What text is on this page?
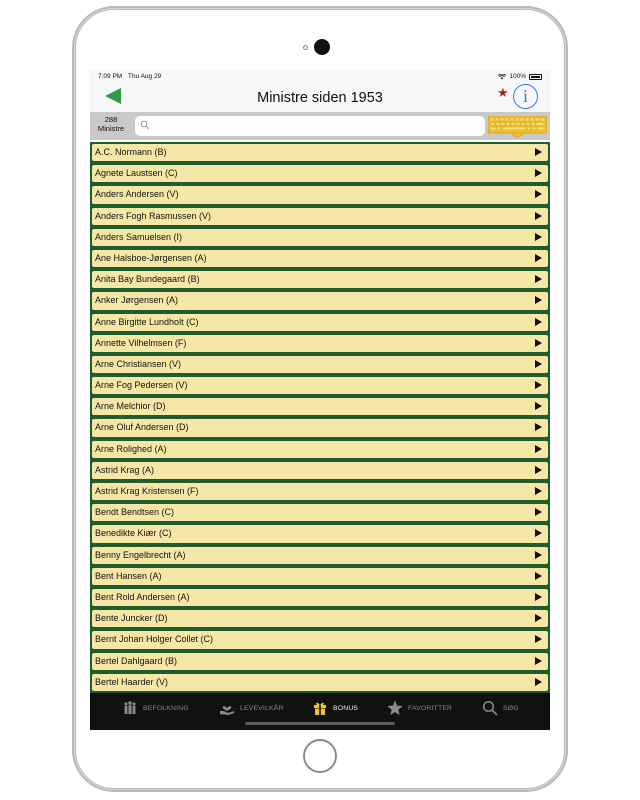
7:09 PM Thu Aug 29	100%
Ministre siden 1953	★ i
288
Ministre
A.C. Normann (B)
Agnete Laustsen (C)
Anders Andersen (V)
Anders Fogh Rasmussen (V)
Anders Samuelsen (I)
Ane Halsboe-Jørgensen (A)
Anita Bay Bundegaard (B)
Anker Jørgensen (A)
Anne Birgitte Lundholt (C)
Annette Vilhelmsen (F)
Arne Christiansen (V)
Arne Fog Pedersen (V)
Arne Melchior (D)
Arne Oluf Andersen (D)
Arne Rolighed (A)
Astrid Krag (A)
Astrid Krag Kristensen (F)
Bendt Bendtsen (C)
Benedikte Kiær (C)
Benny Engelbrecht (A)
Bent Hansen (A)
Bent Rold Andersen (A)
Bente Juncker (D)
Bernt Johan Holger Collet (C)
Bertel Dahlgaard (B)
Bertel Haarder (V)
BEFOLKNING	LEVEVILKÅR	BONUS	FAVORITTER	SØG
